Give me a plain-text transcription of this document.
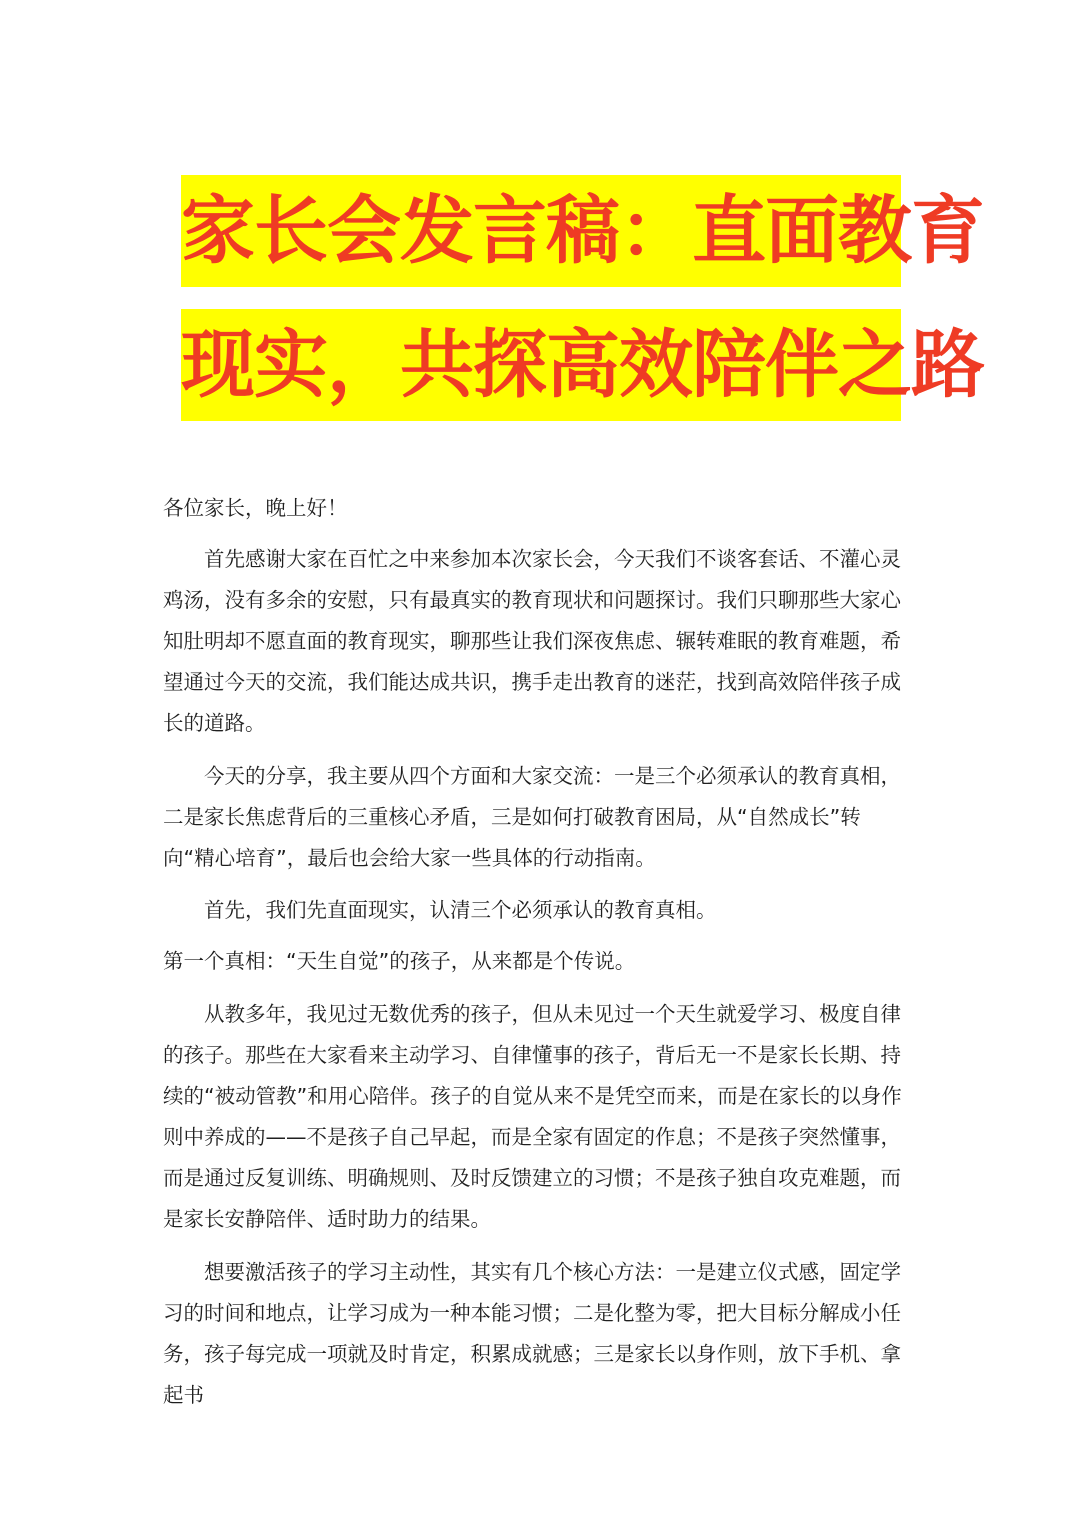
家长会发言稿：直面教育
现实，共探高效陪伴之路

各位家长，晚上好！

首先感谢大家在百忙之中来参加本次家长会，今天我们不谈客套话、不灌心灵鸡汤，没有多余的安慰，只有最真实的教育现状和问题探讨。我们只聊那些大家心知肚明却不愿直面的教育现实，聊那些让我们深夜焦虑、辗转难眠的教育难题，希望通过今天的交流，我们能达成共识，携手走出教育的迷茫，找到高效陪伴孩子成长的道路。

今天的分享，我主要从四个方面和大家交流：一是三个必须承认的教育真相，二是家长焦虑背后的三重核心矛盾，三是如何打破教育困局，从“自然成长”转向“精心培育”，最后也会给大家一些具体的行动指南。

首先，我们先直面现实，认清三个必须承认的教育真相。

第一个真相：“天生自觉”的孩子，从来都是个传说。

从教多年，我见过无数优秀的孩子，但从未见过一个天生就爱学习、极度自律的孩子。那些在大家看来主动学习、自律懂事的孩子，背后无一不是家长长期、持续的“被动管教”和用心陪伴。孩子的自觉从来不是凭空而来，而是在家长的以身作则中养成的——不是孩子自己早起，而是全家有固定的作息；不是孩子突然懂事，而是通过反复训练、明确规则、及时反馈建立的习惯；不是孩子独自攻克难题，而是家长安静陪伴、适时助力的结果。

想要激活孩子的学习主动性，其实有几个核心方法：一是建立仪式感，固定学习的时间和地点，让学习成为一种本能习惯；二是化整为零，把大目标分解成小任务，孩子每完成一项就及时肯定，积累成就感；三是家长以身作则，放下手机、拿起书
